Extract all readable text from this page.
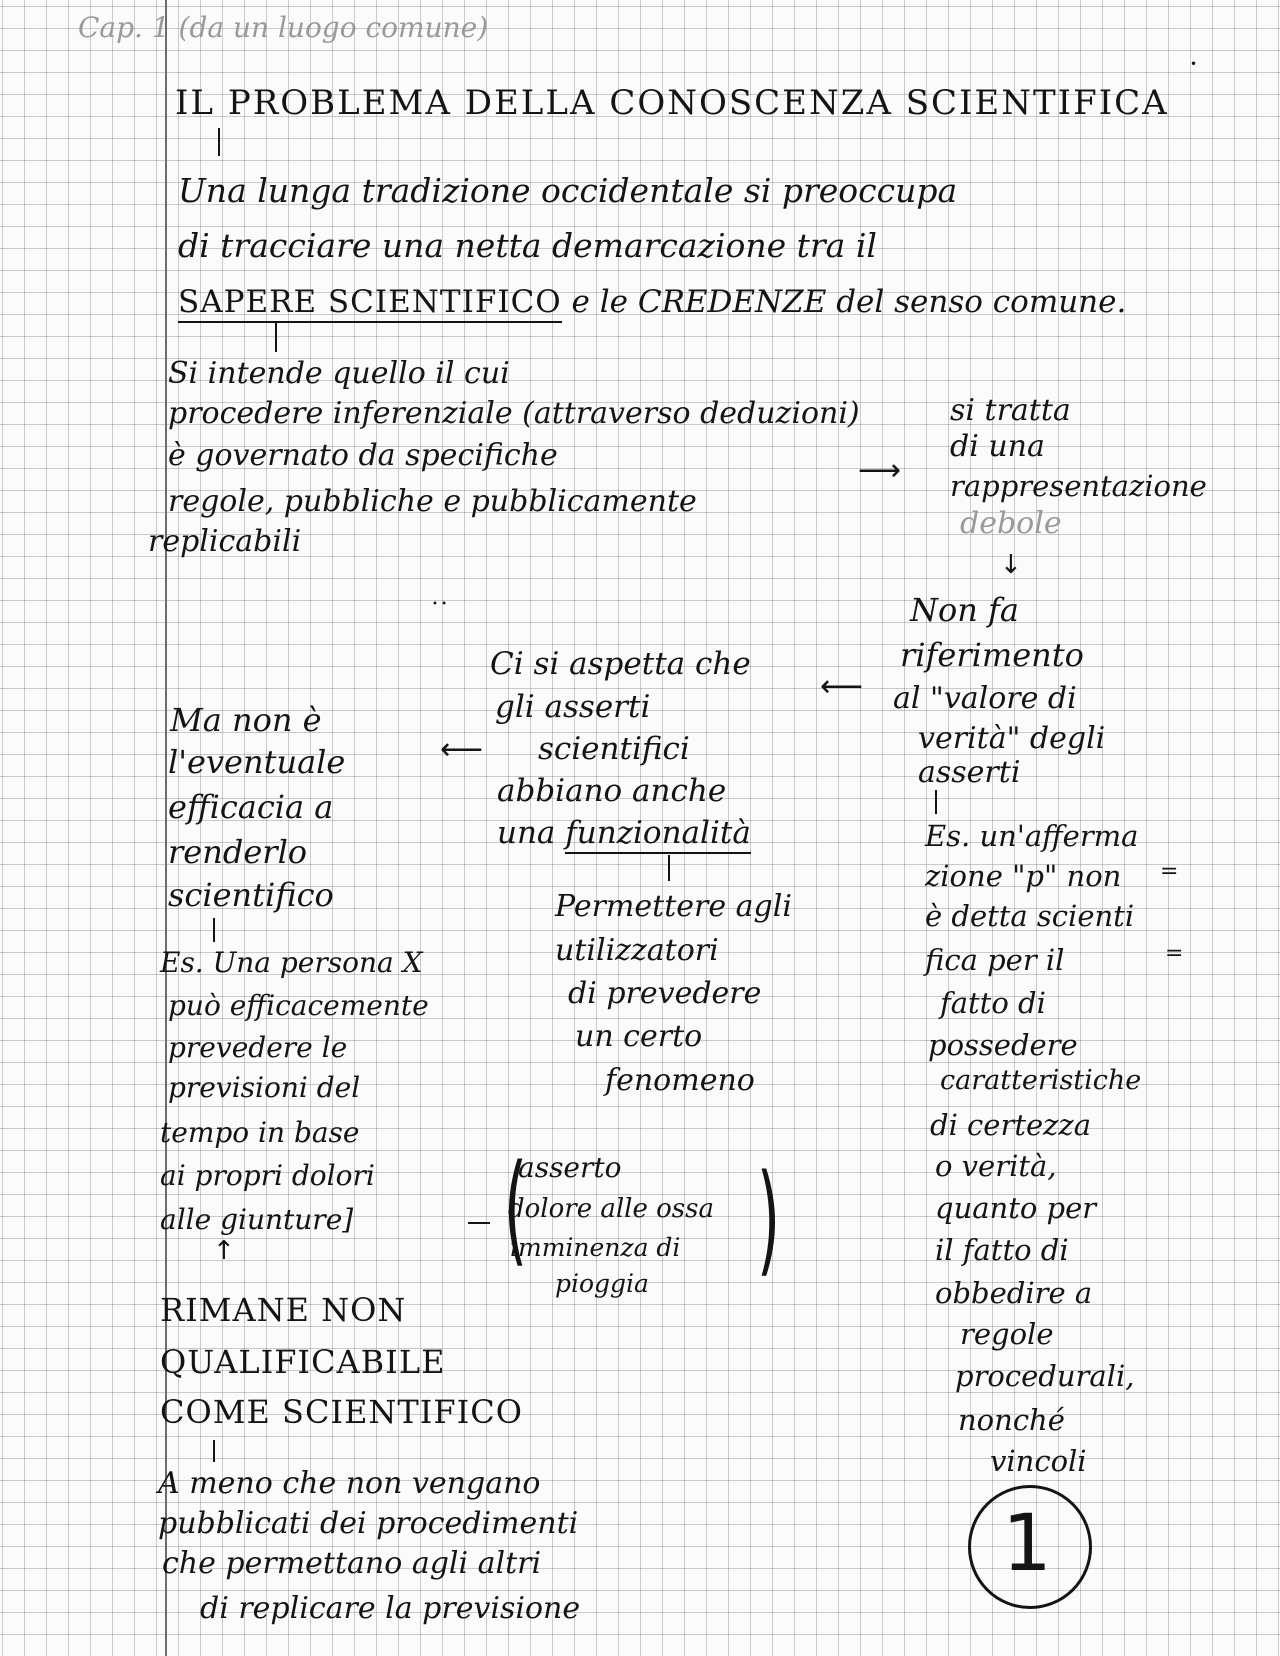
Cap. 1 (da un luogo comune)
IL PROBLEMA DELLA CONOSCENZA SCIENTIFICA
Una lunga tradizione occidentale si preoccupa
di tracciare una netta demarcazione tra il
SAPERE SCIENTIFICO e le CREDENZE del senso comune.
Si intende quello il cui
procedere inferenziale (attraverso deduzioni)
è governato da specifiche
regole, pubbliche e pubblicamente
replicabili
⟶
si tratta
di una
rappresentazione
debole
↓
Non fa
riferimento
al "valore di
verità" degli
asserti
Es. un'afferma
zione "p" non
è detta scienti
fica per il
fatto di
possedere
caratteristiche
di certezza
o verità,
quanto per
il fatto di
obbedire a
regole
procedurali,
nonché
vincoli
=
=
⟵
Ci si aspetta che
gli asserti
scientifici
abbiano anche
una funzionalità
Permettere agli
utilizzatori
di prevedere
un certo
fenomeno
(
asserto
dolore alle ossa
imminenza di
pioggia )
⟵
Ma non è
l'eventuale
efficacia a
renderlo
scientifico
Es. Una persona X
può efficacemente
prevedere le
previsioni del
tempo in base
ai propri dolori
alle giunture]
↑
RIMANE NON
QUALIFICABILE
COME SCIENTIFICO
A meno che non vengano
pubblicati dei procedimenti
che permettano agli altri
di replicare la previsione
•
• •
1
